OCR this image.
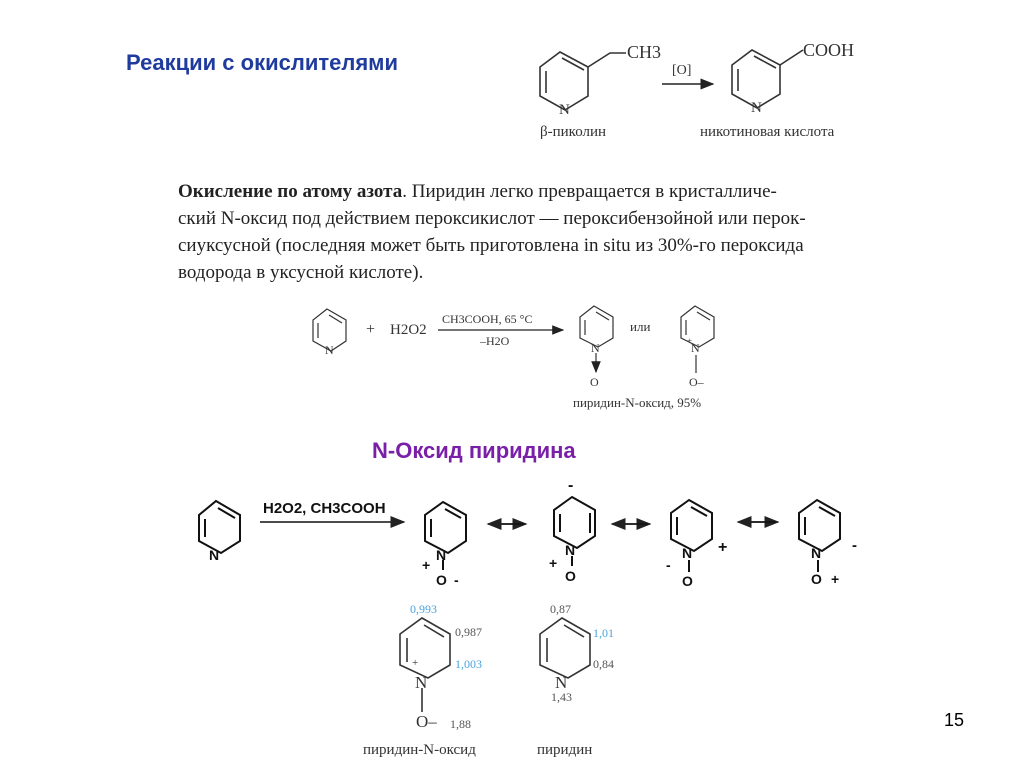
Реакции с окислителями
N-Оксид пиридина
15
Окисление по атому азота. Пиридин легко превращается в кристалличе-
ский N-оксид под действием пероксикислот — пероксибензойной или перок-
сиуксусной (последняя может быть приготовлена in situ из 30%-го пероксида
водорода в уксусной кислоте).
CH3
N
β-пиколин
[O]
COOH
N
никотиновая кислота
N
+ H2O2
CH3COOH, 65 °C
–H2O	N
O
или
N
+
O–
пиридин-N-оксид, 95%
N
H2O2, CH3COOH
N
+
O -
-
N
+
O
N +
-
O
N -
O +
N
+
O–
0,993
0,987
1,003
1,88
N
0,87
1,01
0,84
1,43
пиридин-N-оксид	пиридин
